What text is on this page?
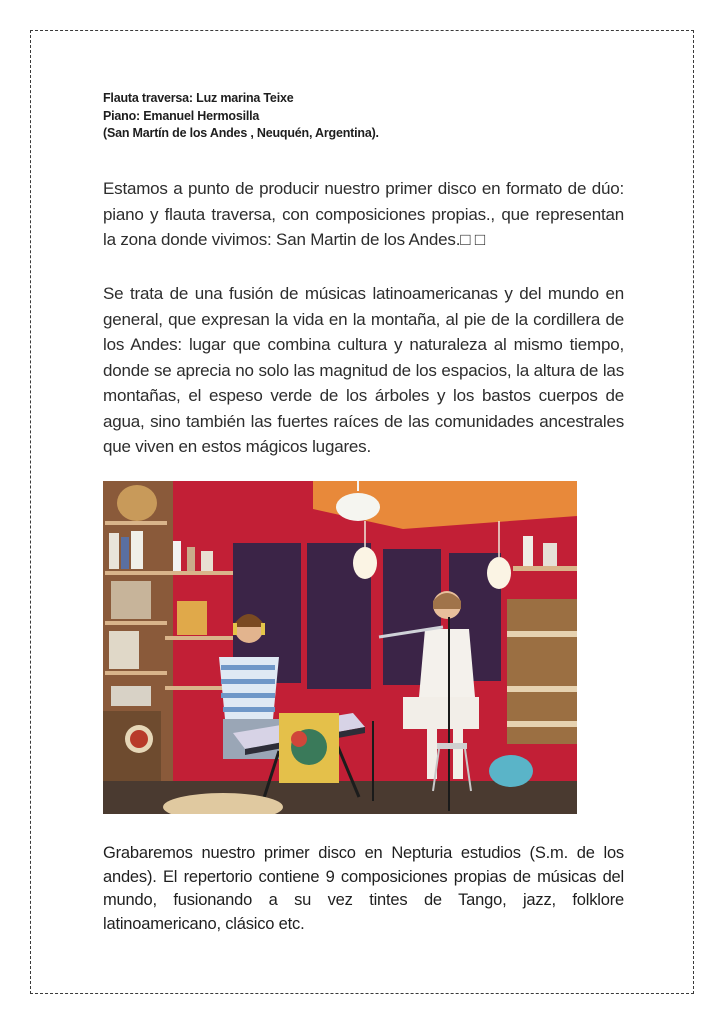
Flauta traversa: Luz marina Teixe
Piano: Emanuel Hermosilla
(San Martín de los Andes , Neuquén, Argentina).

Estamos a punto de producir nuestro primer disco en formato de dúo: piano y flauta traversa, con composiciones propias., que representan la zona donde vivimos: San Martin de los Andes.□ □

Se trata de una fusión de músicas latinoamericanas y del mundo en general, que expresan la vida en la montaña, al pie de la cordillera de los Andes: lugar que combina cultura y naturaleza al mismo tiempo, donde se aprecia no solo las magnitud de los espacios, la altura de las montañas, el espeso verde de los árboles y los bastos cuerpos de agua, sino también las fuertes raíces de las comunidades ancestrales que viven en estos mágicos lugares.

Grabaremos nuestro primer disco en Nepturia estudios (S.m. de los andes). El repertorio contiene 9 composiciones propias de músicas del mundo, fusionando a su vez tintes de Tango, jazz, folklore latinoamericano, clásico etc.
